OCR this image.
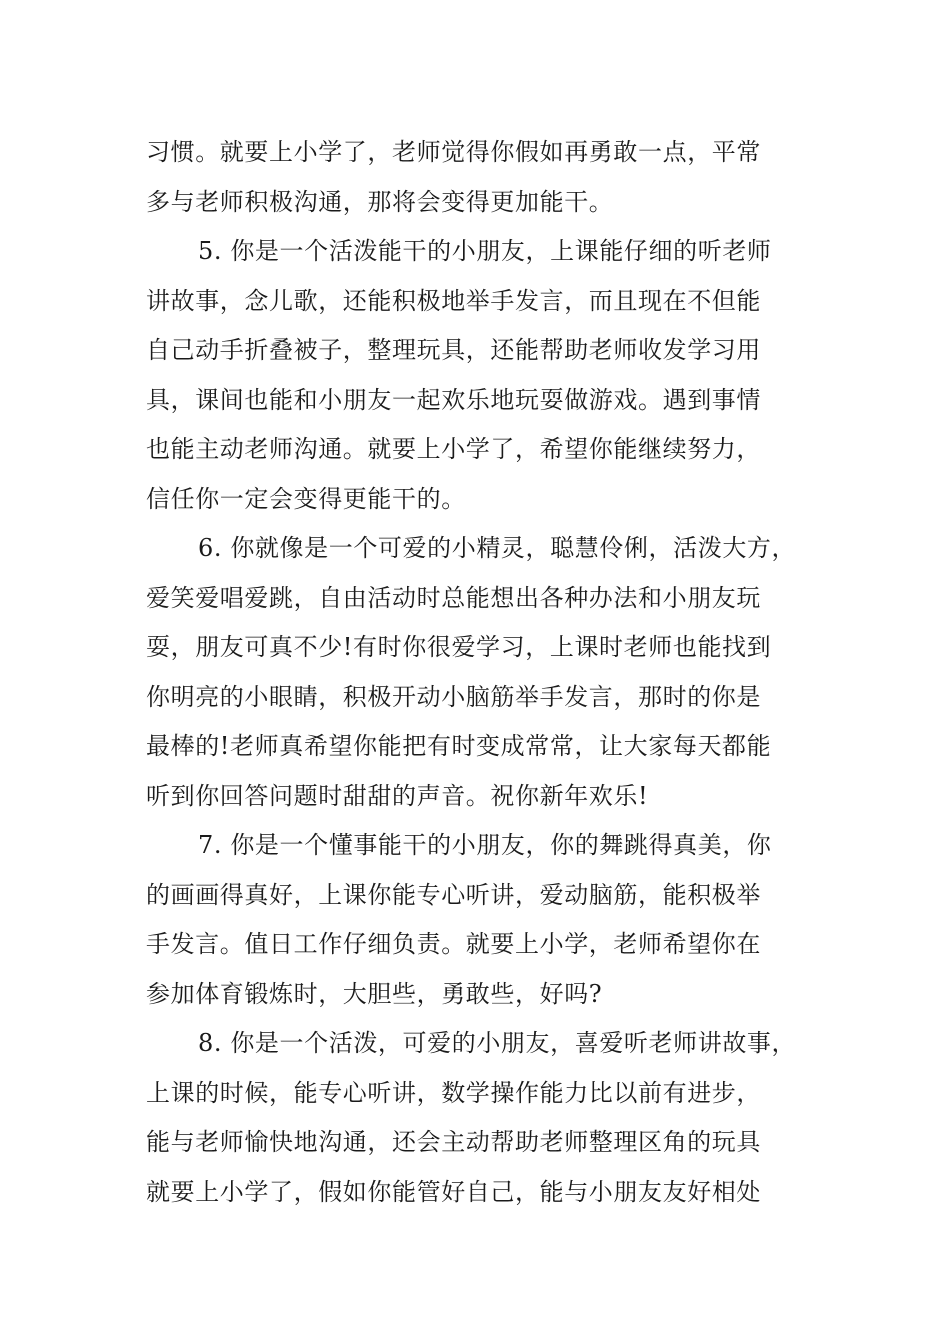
习惯。就要上小学了，老师觉得你假如再勇敢一点，平常
多与老师积极沟通，那将会变得更加能干。
5. 你是一个活泼能干的小朋友，上课能仔细的听老师
讲故事，念儿歌，还能积极地举手发言，而且现在不但能
自己动手折叠被子，整理玩具，还能帮助老师收发学习用
具，课间也能和小朋友一起欢乐地玩耍做游戏。遇到事情
也能主动老师沟通。就要上小学了，希望你能继续努力，
信任你一定会变得更能干的。
6. 你就像是一个可爱的小精灵，聪慧伶俐，活泼大方，
爱笑爱唱爱跳，自由活动时总能想出各种办法和小朋友玩
耍，朋友可真不少!有时你很爱学习，上课时老师也能找到
你明亮的小眼睛，积极开动小脑筋举手发言，那时的你是
最棒的!老师真希望你能把有时变成常常，让大家每天都能
听到你回答问题时甜甜的声音。祝你新年欢乐!
7. 你是一个懂事能干的小朋友，你的舞跳得真美，你
的画画得真好，上课你能专心听讲，爱动脑筋，能积极举
手发言。值日工作仔细负责。就要上小学，老师希望你在
参加体育锻炼时，大胆些，勇敢些，好吗?
8. 你是一个活泼，可爱的小朋友，喜爱听老师讲故事，
上课的时候，能专心听讲，数学操作能力比以前有进步，
能与老师愉快地沟通，还会主动帮助老师整理区角的玩具
就要上小学了，假如你能管好自己，能与小朋友友好相处
